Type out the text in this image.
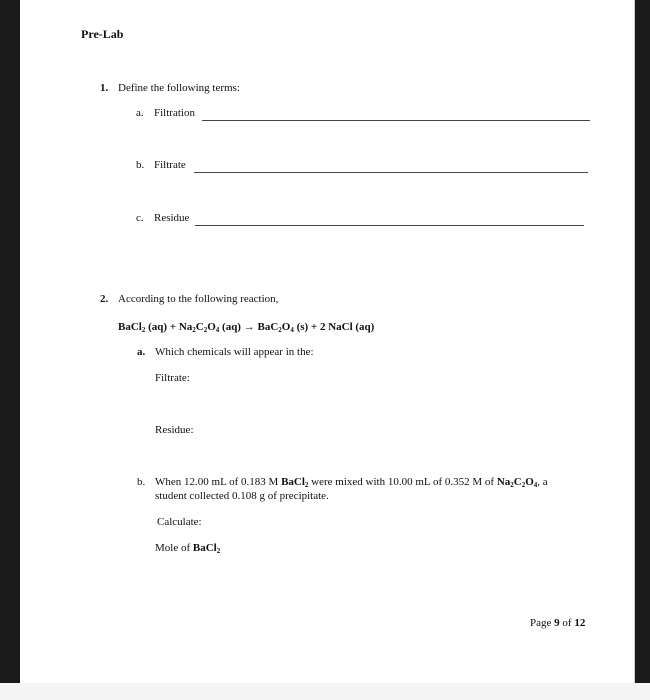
Pre-Lab
1. Define the following terms:
a. Filtration
b. Filtrate
c. Residue
2. According to the following reaction,
BaCl$_2$ $(aq) + Na_2C_2O_4$ $(aq) \to BaC_2O_4$ (s) + 2 NaCl (aq)
a. Which chemicals will appear in the:
Filtrate:
Residue:
b. When 12.00 mL of 0.183 M BaCl$_2$ were mixed with 10.00 mL of 0.352 M of $Na_2C_2O_4$, a
student collected 0.108 g of precipitate.
Calculate:
Mole of BaCl$_2$
Page 9 of 12
